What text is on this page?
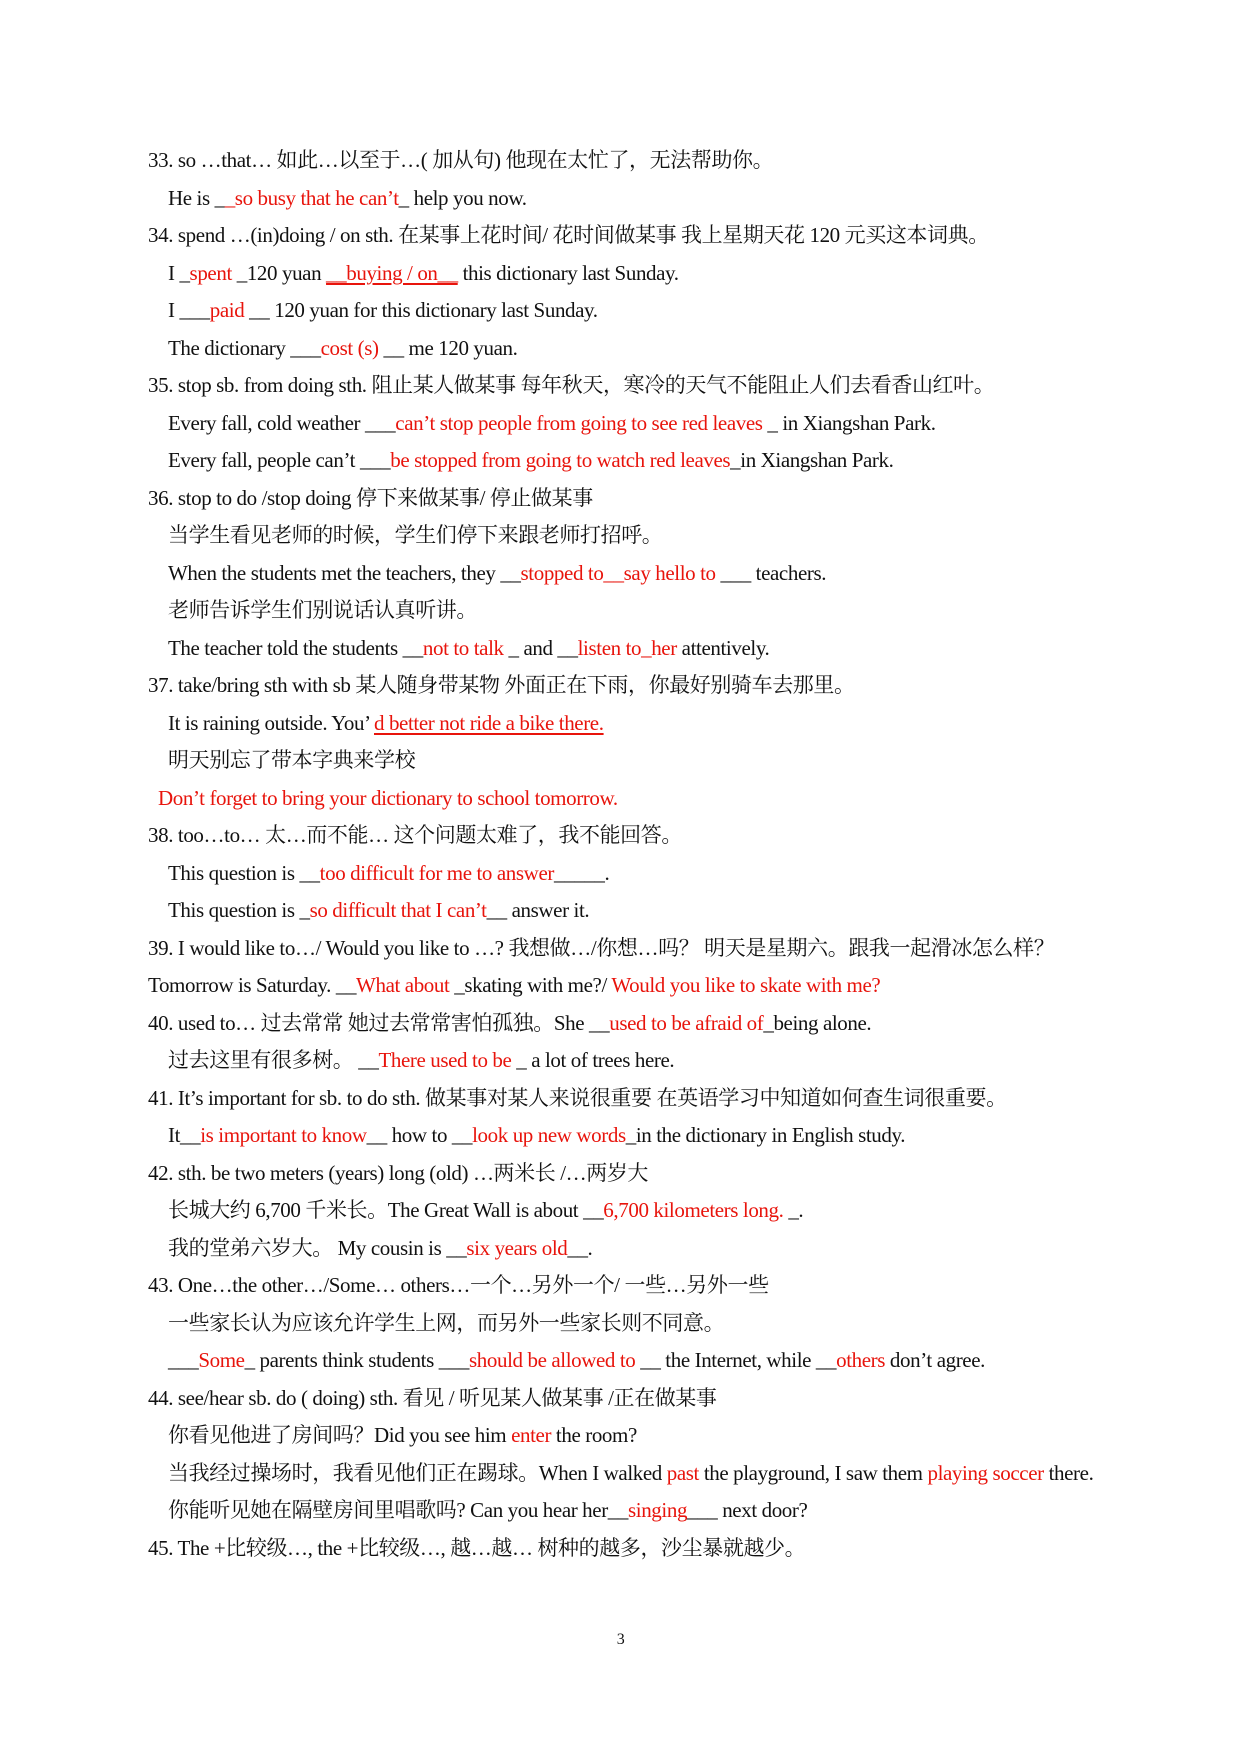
33. so …that… 如此…以至于…( 加从句) 他现在太忙了，无法帮助你。
He is __so busy that he can’t_ help you now.
34. spend …(in)doing / on sth. 在某事上花时间/ 花时间做某事 我上星期天花 120 元买这本词典。
I _spent _120 yuan __buying / on__ this dictionary last Sunday.
I ___paid __ 120 yuan for this dictionary last Sunday.
The dictionary ___cost (s) __ me 120 yuan.
35. stop sb. from doing sth. 阻止某人做某事 每年秋天，寒冷的天气不能阻止人们去看香山红叶。
Every fall, cold weather ___can’t stop people from going to see red leaves _ in Xiangshan Park.
Every fall, people can’t ___be stopped from going to watch red leaves_in Xiangshan Park.
36. stop to do /stop doing 停下来做某事/ 停止做某事
当学生看见老师的时候，学生们停下来跟老师打招呼。
When the students met the teachers, they __stopped to__say hello to ___ teachers.
老师告诉学生们别说话认真听讲。
The teacher told the students __not to talk _ and __listen to_her attentively.
37. take/bring sth with sb 某人随身带某物 外面正在下雨，你最好别骑车去那里。
It is raining outside. You’ d better not ride a bike there.
明天别忘了带本字典来学校
Don’t forget to bring your dictionary to school tomorrow.
38. too…to… 太…而不能… 这个问题太难了，我不能回答。
This question is __too difficult for me to answer_____.
This question is _so difficult that I can’t__ answer it.
39. I would like to…/ Would you like to …? 我想做…/你想…吗？ 明天是星期六。跟我一起滑冰怎么样？
Tomorrow is Saturday. __What about _skating with me?/ Would you like to skate with me?
40. used to… 过去常常 她过去常常害怕孤独。She __used to be afraid of_being alone.
过去这里有很多树。 __There used to be _ a lot of trees here.
41. It’s important for sb. to do sth. 做某事对某人来说很重要 在英语学习中知道如何查生词很重要。
It__is important to know__ how to __look up new words_in the dictionary in English study.
42. sth. be two meters (years) long (old) …两米长 /…两岁大
长城大约 6,700 千米长。The Great Wall is about __6,700 kilometers long. _.
我的堂弟六岁大。 My cousin is __six years old__.
43. One…the other…/Some… others…一个…另外一个/ 一些…另外一些
一些家长认为应该允许学生上网，而另外一些家长则不同意。
___Some_ parents think students ___should be allowed to __ the Internet, while __others don’t agree.
44. see/hear sb. do ( doing) sth. 看见 / 听见某人做某事 /正在做某事
你看见他进了房间吗？Did you see him enter the room?
当我经过操场时，我看见他们正在踢球。When I walked past the playground, I saw them playing soccer there.
你能听见她在隔壁房间里唱歌吗? Can you hear her__singing___ next door?
45. The +比较级…, the +比较级…, 越…越… 树种的越多，沙尘暴就越少。
3
